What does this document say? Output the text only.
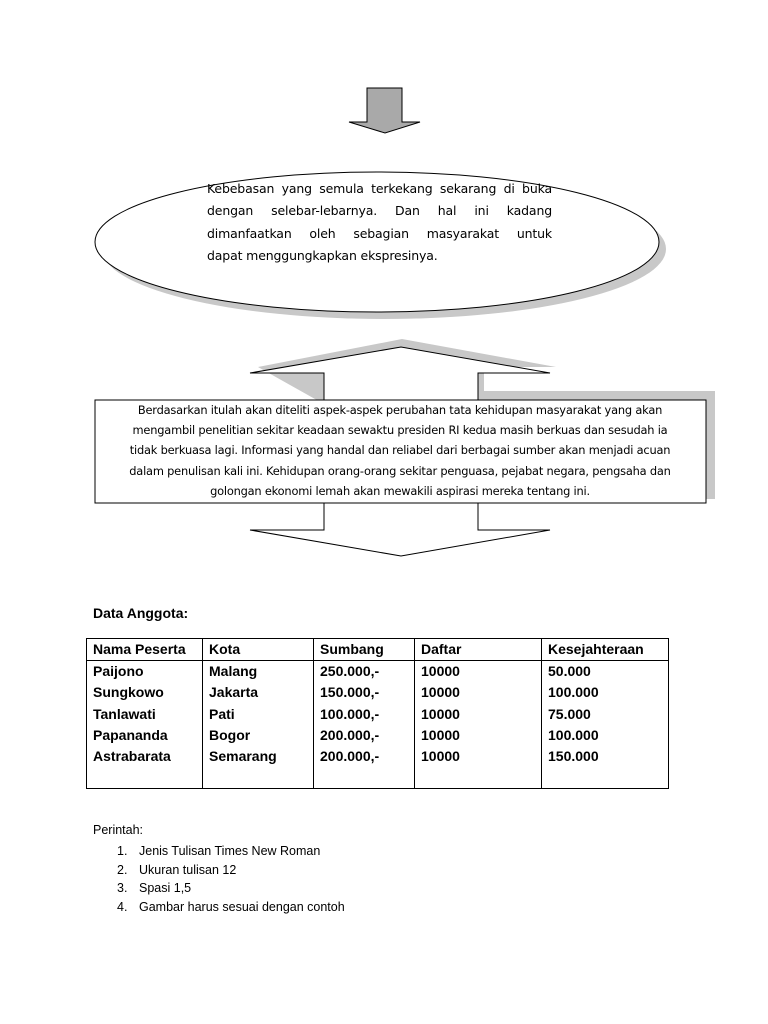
Kebebasan yang semula terkekang sekarang di buka
dengan selebar-lebarnya. Dan hal ini kadang
dimanfaatkan oleh sebagian masyarakat untuk
dapat menggungkapkan ekspresinya.
Berdasarkan itulah akan diteliti aspek-aspek perubahan tata kehidupan masyarakat yang akan
mengambil penelitian sekitar keadaan sewaktu presiden RI kedua masih berkuas dan sesudah ia
tidak berkuasa lagi. Informasi yang handal dan reliabel dari berbagai sumber akan menjadi acuan
dalam penulisan kali ini. Kehidupan orang-orang sekitar penguasa, pejabat negara, pengsaha dan
golongan ekonomi lemah akan mewakili aspirasi mereka tentang ini.
Data Anggota:
Nama Peserta	Kota	Sumbang	Daftar	Kesejahteraan
Paijono	Malang	250.000,-	10000	50.000
Sungkowo	Jakarta	150.000,-	10000	100.000
Tanlawati	Pati	100.000,-	10000	75.000
Papananda	Bogor	200.000,-	10000	100.000
Astrabarata	Semarang	200.000,-	10000	150.000

Perintah:
1. Jenis Tulisan Times New Roman
2. Ukuran tulisan 12
3. Spasi 1,5
4. Gambar harus sesuai dengan contoh
